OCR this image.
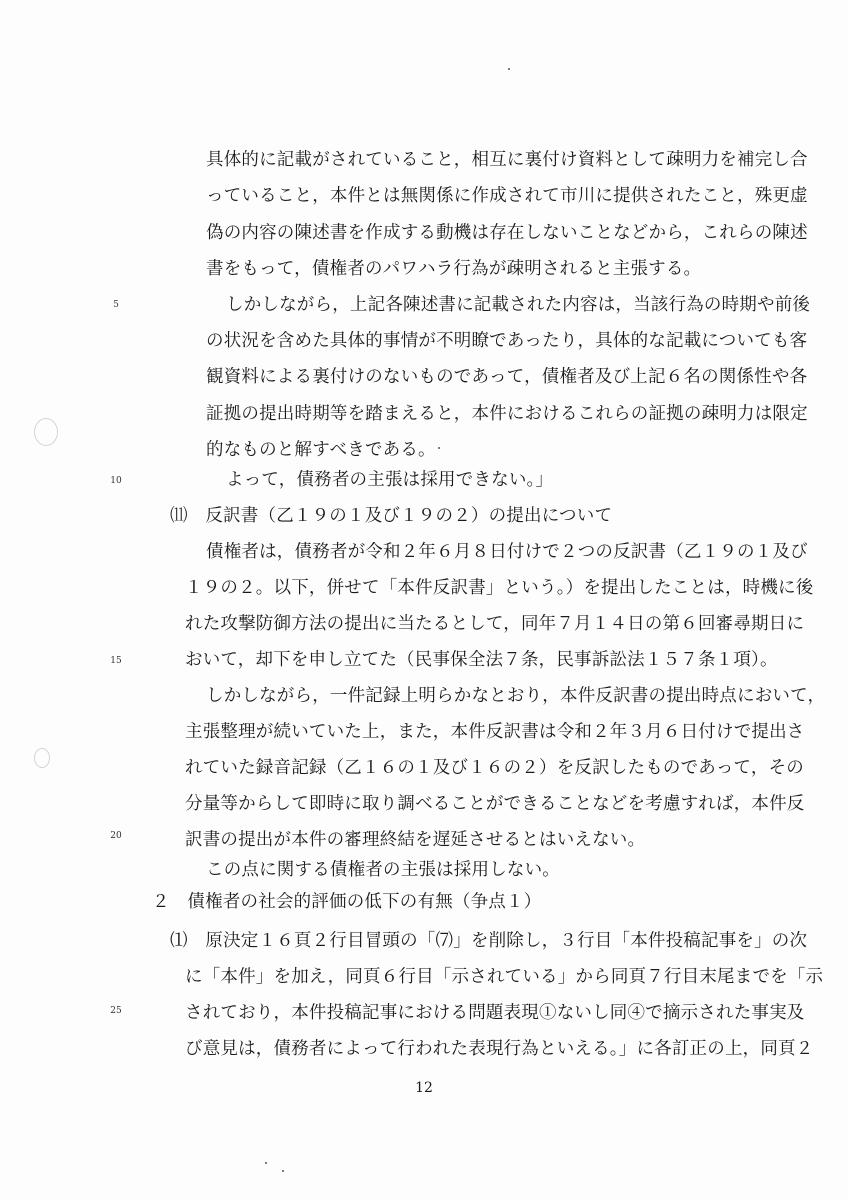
具体的に記載がされていること，相互に裏付け資料として疎明力を補完し合
っていること，本件とは無関係に作成されて市川に提供されたこと，殊更虚
偽の内容の陳述書を作成する動機は存在しないことなどから，これらの陳述
書をもって，債権者のパワハラ行為が疎明されると主張する。
しかしながら，上記各陳述書に記載された内容は，当該行為の時期や前後
の状況を含めた具体的事情が不明瞭であったり，具体的な記載についても客
観資料による裏付けのないものであって，債権者及び上記６名の関係性や各
証拠の提出時期等を踏まえると，本件におけるこれらの証拠の疎明力は限定
的なものと解すべきである。
よって，債務者の主張は採用できない。」
⑾　反訳書（乙１９の１及び１９の２）の提出について
債権者は，債務者が令和２年６月８日付けで２つの反訳書（乙１９の１及び
１９の２。以下，併せて「本件反訳書」という。）を提出したことは，時機に後
れた攻撃防御方法の提出に当たるとして，同年７月１４日の第６回審尋期日に
おいて，却下を申し立てた（民事保全法７条，民事訴訟法１５７条１項）。
しかしながら，一件記録上明らかなとおり，本件反訳書の提出時点において，
主張整理が続いていた上，また，本件反訳書は令和２年３月６日付けで提出さ
れていた録音記録（乙１６の１及び１６の２）を反訳したものであって，その
分量等からして即時に取り調べることができることなどを考慮すれば，本件反
訳書の提出が本件の審理終結を遅延させるとはいえない。
この点に関する債権者の主張は採用しない。
２　債権者の社会的評価の低下の有無（争点１）
⑴　原決定１６頁２行目冒頭の「⑺」を削除し，３行目「本件投稿記事を」の次
に「本件」を加え，同頁６行目「示されている」から同頁７行目末尾までを「示
されており，本件投稿記事における問題表現①ないし同④で摘示された事実及
び意見は，債務者によって行われた表現行為といえる。」に各訂正の上，同頁２
5
10
15
20
25
12
